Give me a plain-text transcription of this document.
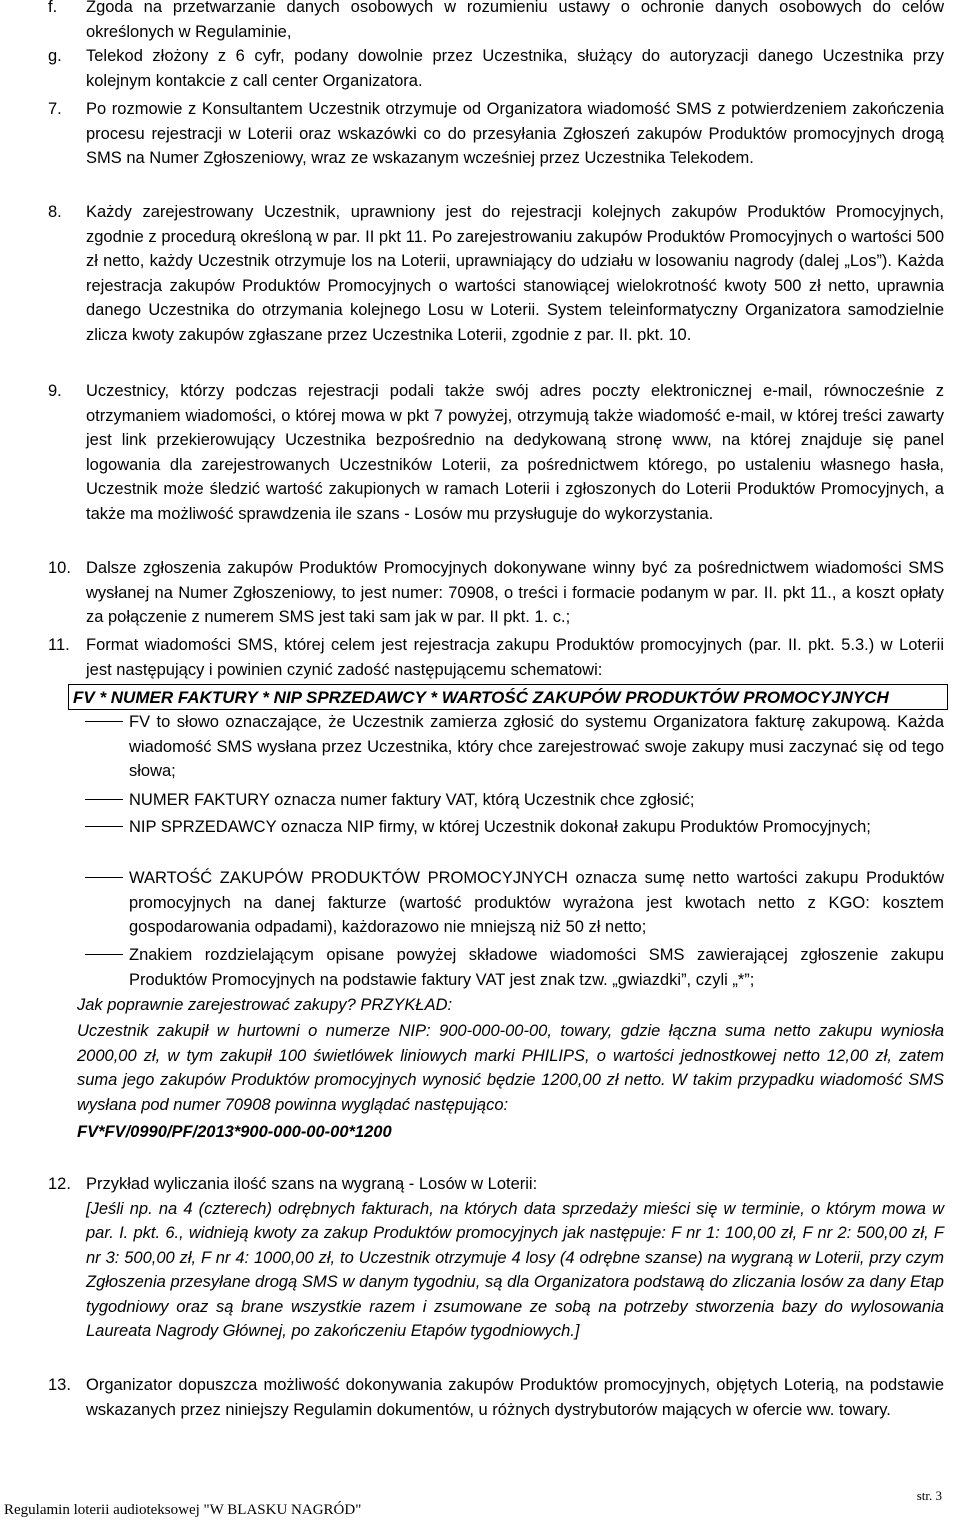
f. Zgoda na przetwarzanie danych osobowych w rozumieniu ustawy o ochronie danych osobowych do celów określonych w Regulaminie,
g. Telekod złożony z 6 cyfr, podany dowolnie przez Uczestnika, służący do autoryzacji danego Uczestnika przy kolejnym kontakcie z call center Organizatora.
7. Po rozmowie z Konsultantem Uczestnik otrzymuje od Organizatora wiadomość SMS z potwierdzeniem zakończenia procesu rejestracji w Loterii oraz wskazówki co do przesyłania Zgłoszeń zakupów Produktów promocyjnych drogą SMS na Numer Zgłoszeniowy, wraz ze wskazanym wcześniej przez Uczestnika Telekodem.
8. Każdy zarejestrowany Uczestnik, uprawniony jest do rejestracji kolejnych zakupów Produktów Promocyjnych, zgodnie z procedurą określoną w par. II pkt 11. Po zarejestrowaniu zakupów Produktów Promocyjnych o wartości 500 zł netto, każdy Uczestnik otrzymuje los na Loterii, uprawniający do udziału w losowaniu nagrody (dalej „Los”). Każda rejestracja zakupów Produktów Promocyjnych o wartości stanowiącej wielokrotność kwoty 500 zł netto, uprawnia danego Uczestnika do otrzymania kolejnego Losu w Loterii. System teleinformatyczny Organizatora samodzielnie zlicza kwoty zakupów zgłaszane przez Uczestnika Loterii, zgodnie z par. II. pkt. 10.
9. Uczestnicy, którzy podczas rejestracji podali także swój adres poczty elektronicznej e-mail, równocześnie z otrzymaniem wiadomości, o której mowa w pkt 7 powyżej, otrzymują także wiadomość e-mail, w której treści zawarty jest link przekierowujący Uczestnika bezpośrednio na dedykowaną stronę www, na której znajduje się panel logowania dla zarejestrowanych Uczestników Loterii, za pośrednictwem którego, po ustaleniu własnego hasła, Uczestnik może śledzić wartość zakupionych w ramach Loterii i zgłoszonych do Loterii Produktów Promocyjnych, a także ma możliwość sprawdzenia ile szans - Losów mu przysługuje do wykorzystania.
10. Dalsze zgłoszenia zakupów Produktów Promocyjnych dokonywane winny być za pośrednictwem wiadomości SMS wysłanej na Numer Zgłoszeniowy, to jest numer: 70908, o treści i formacie podanym w par. II. pkt 11., a koszt opłaty za połączenie z numerem SMS jest taki sam jak w par. II pkt. 1. c.;
11. Format wiadomości SMS, której celem jest rejestracja zakupu Produktów promocyjnych (par. II. pkt. 5.3.) w Loterii jest następujący i powinien czynić zadość następującemu schematowi:
FV * NUMER FAKTURY * NIP SPRZEDAWCY * WARTOŚĆ ZAKUPÓW PRODUKTÓW PROMOCYJNYCH
FV to słowo oznaczające, że Uczestnik zamierza zgłosić do systemu Organizatora fakturę zakupową. Każda wiadomość SMS wysłana przez Uczestnika, który chce zarejestrować swoje zakupy musi zaczynać się od tego słowa;
NUMER FAKTURY oznacza numer faktury VAT, którą Uczestnik chce zgłosić;
NIP SPRZEDAWCY oznacza NIP firmy, w której Uczestnik dokonał zakupu Produktów Promocyjnych;
WARTOŚĆ ZAKUPÓW PRODUKTÓW PROMOCYJNYCH oznacza sumę netto wartości zakupu Produktów promocyjnych na danej fakturze (wartość produktów wyrażona jest kwotach netto z KGO: kosztem gospodarowania odpadami), każdorazowo nie mniejszą niż 50 zł netto;
Znakiem rozdzielającym opisane powyżej składowe wiadomości SMS zawierającej zgłoszenie zakupu Produktów Promocyjnych na podstawie faktury VAT jest znak tzw. „gwiazdki”, czyli „*”;
Jak poprawnie zarejestrować zakupy? PRZYKŁAD:
Uczestnik zakupił w hurtowni o numerze NIP: 900-000-00-00, towary, gdzie łączna suma netto zakupu wyniosła 2000,00 zł, w tym zakupił 100 świetlówek liniowych marki PHILIPS, o wartości jednostkowej netto 12,00 zł, zatem suma jego zakupów Produktów promocyjnych wynosić będzie 1200,00 zł netto. W takim przypadku wiadomość SMS wysłana pod numer 70908 powinna wyglądać następująco:
FV*FV/0990/PF/2013*900-000-00-00*1200
12. Przykład wyliczania ilość szans na wygraną - Losów w Loterii:
[Jeśli np. na 4 (czterech) odrębnych fakturach, na których data sprzedaży mieści się w terminie, o którym mowa w par. I. pkt. 6., widnieją kwoty za zakup Produktów promocyjnych jak następuje: F nr 1: 100,00 zł, F nr 2: 500,00 zł, F nr 3: 500,00 zł, F nr 4: 1000,00 zł, to Uczestnik otrzymuje 4 losy (4 odrębne szanse) na wygraną w Loterii, przy czym Zgłoszenia przesyłane drogą SMS w danym tygodniu, są dla Organizatora podstawą do zliczania losów za dany Etap tygodniowy oraz są brane wszystkie razem i zsumowane ze sobą na potrzeby stworzenia bazy do wylosowania Laureata Nagrody Głównej, po zakończeniu Etapów tygodniowych.]
13. Organizator dopuszcza możliwość dokonywania zakupów Produktów promocyjnych, objętych Loterią, na podstawie wskazanych przez niniejszy Regulamin dokumentów, u różnych dystrybutorów mających w ofercie ww. towary.
str. 3
Regulamin loterii audioteksowej "W BLASKU NAGRÓD"
